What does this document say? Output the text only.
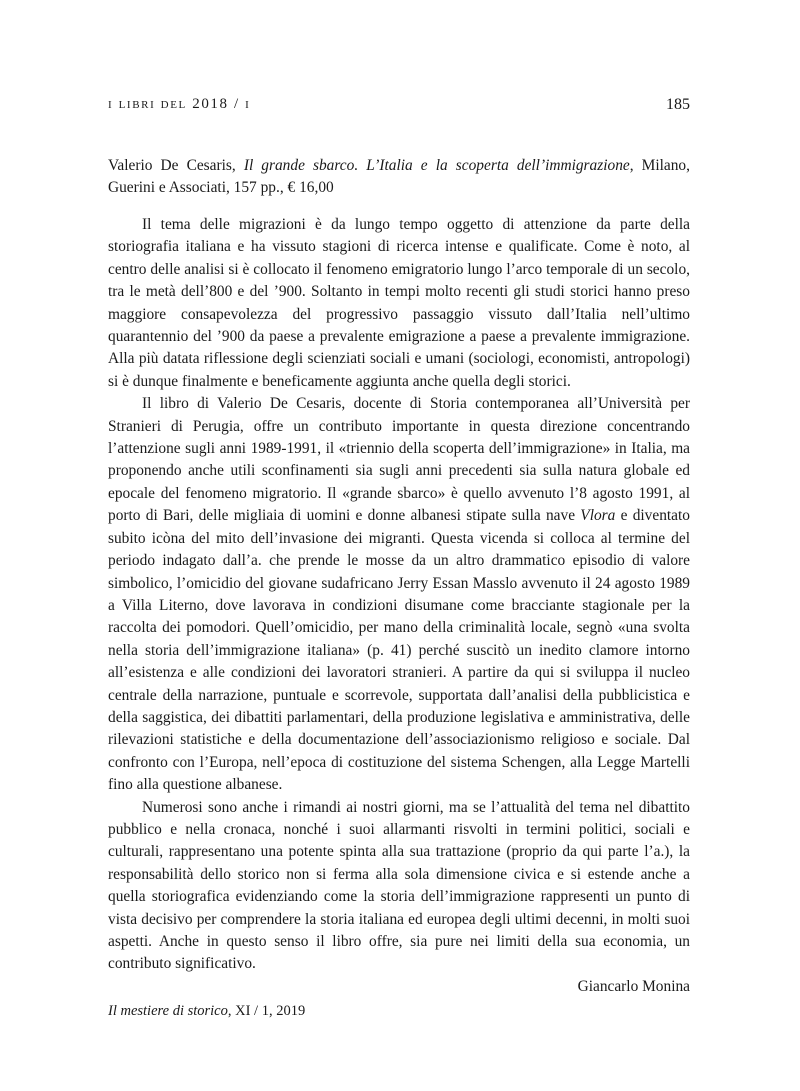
i libri del 2018 / i	185
Valerio De Cesaris, Il grande sbarco. L’Italia e la scoperta dell’immigrazione, Milano, Guerini e Associati, 157 pp., € 16,00

Il tema delle migrazioni è da lungo tempo oggetto di attenzione da parte della storiografia italiana e ha vissuto stagioni di ricerca intense e qualificate. Come è noto, al centro delle analisi si è collocato il fenomeno emigratorio lungo l’arco temporale di un secolo, tra le metà dell’800 e del ’900. Soltanto in tempi molto recenti gli studi storici hanno preso maggiore consapevolezza del progressivo passaggio vissuto dall’Italia nell’ultimo quarantennio del ’900 da paese a prevalente emigrazione a paese a prevalente immigrazione. Alla più datata riflessione degli scienziati sociali e umani (sociologi, economisti, antropologi) si è dunque finalmente e beneficamente aggiunta anche quella degli storici.

Il libro di Valerio De Cesaris, docente di Storia contemporanea all’Università per Stranieri di Perugia, offre un contributo importante in questa direzione concentrando l’attenzione sugli anni 1989-1991, il «triennio della scoperta dell’immigrazione» in Italia, ma proponendo anche utili sconfinamenti sia sugli anni precedenti sia sulla natura globale ed epocale del fenomeno migratorio. Il «grande sbarco» è quello avvenuto l’8 agosto 1991, al porto di Bari, delle migliaia di uomini e donne albanesi stipate sulla nave Vlora e diventato subito icòna del mito dell’invasione dei migranti. Questa vicenda si colloca al termine del periodo indagato dall’a. che prende le mosse da un altro drammatico episodio di valore simbolico, l’omicidio del giovane sudafricano Jerry Essan Masslo avvenuto il 24 agosto 1989 a Villa Literno, dove lavorava in condizioni disumane come bracciante stagionale per la raccolta dei pomodori. Quell’omicidio, per mano della criminalità locale, segnò «una svolta nella storia dell’immigrazione italiana» (p. 41) perché suscitò un inedito clamore intorno all’esistenza e alle condizioni dei lavoratori stranieri. A partire da qui si sviluppa il nucleo centrale della narrazione, puntuale e scorrevole, supportata dall’analisi della pubblicistica e della saggistica, dei dibattiti parlamentari, della produzione legislativa e amministrativa, delle rilevazioni statistiche e della documentazione dell’associazionismo religioso e sociale. Dal confronto con l’Europa, nell’epoca di costituzione del sistema Schengen, alla Legge Martelli fino alla questione albanese.

Numerosi sono anche i rimandi ai nostri giorni, ma se l’attualità del tema nel dibattito pubblico e nella cronaca, nonché i suoi allarmanti risvolti in termini politici, sociali e culturali, rappresentano una potente spinta alla sua trattazione (proprio da qui parte l’a.), la responsabilità dello storico non si ferma alla sola dimensione civica e si estende anche a quella storiografica evidenziando come la storia dell’immigrazione rappresenti un punto di vista decisivo per comprendere la storia italiana ed europea degli ultimi decenni, in molti suoi aspetti. Anche in questo senso il libro offre, sia pure nei limiti della sua economia, un contributo significativo.

Giancarlo Monina

Il mestiere di storico, XI / 1, 2019
